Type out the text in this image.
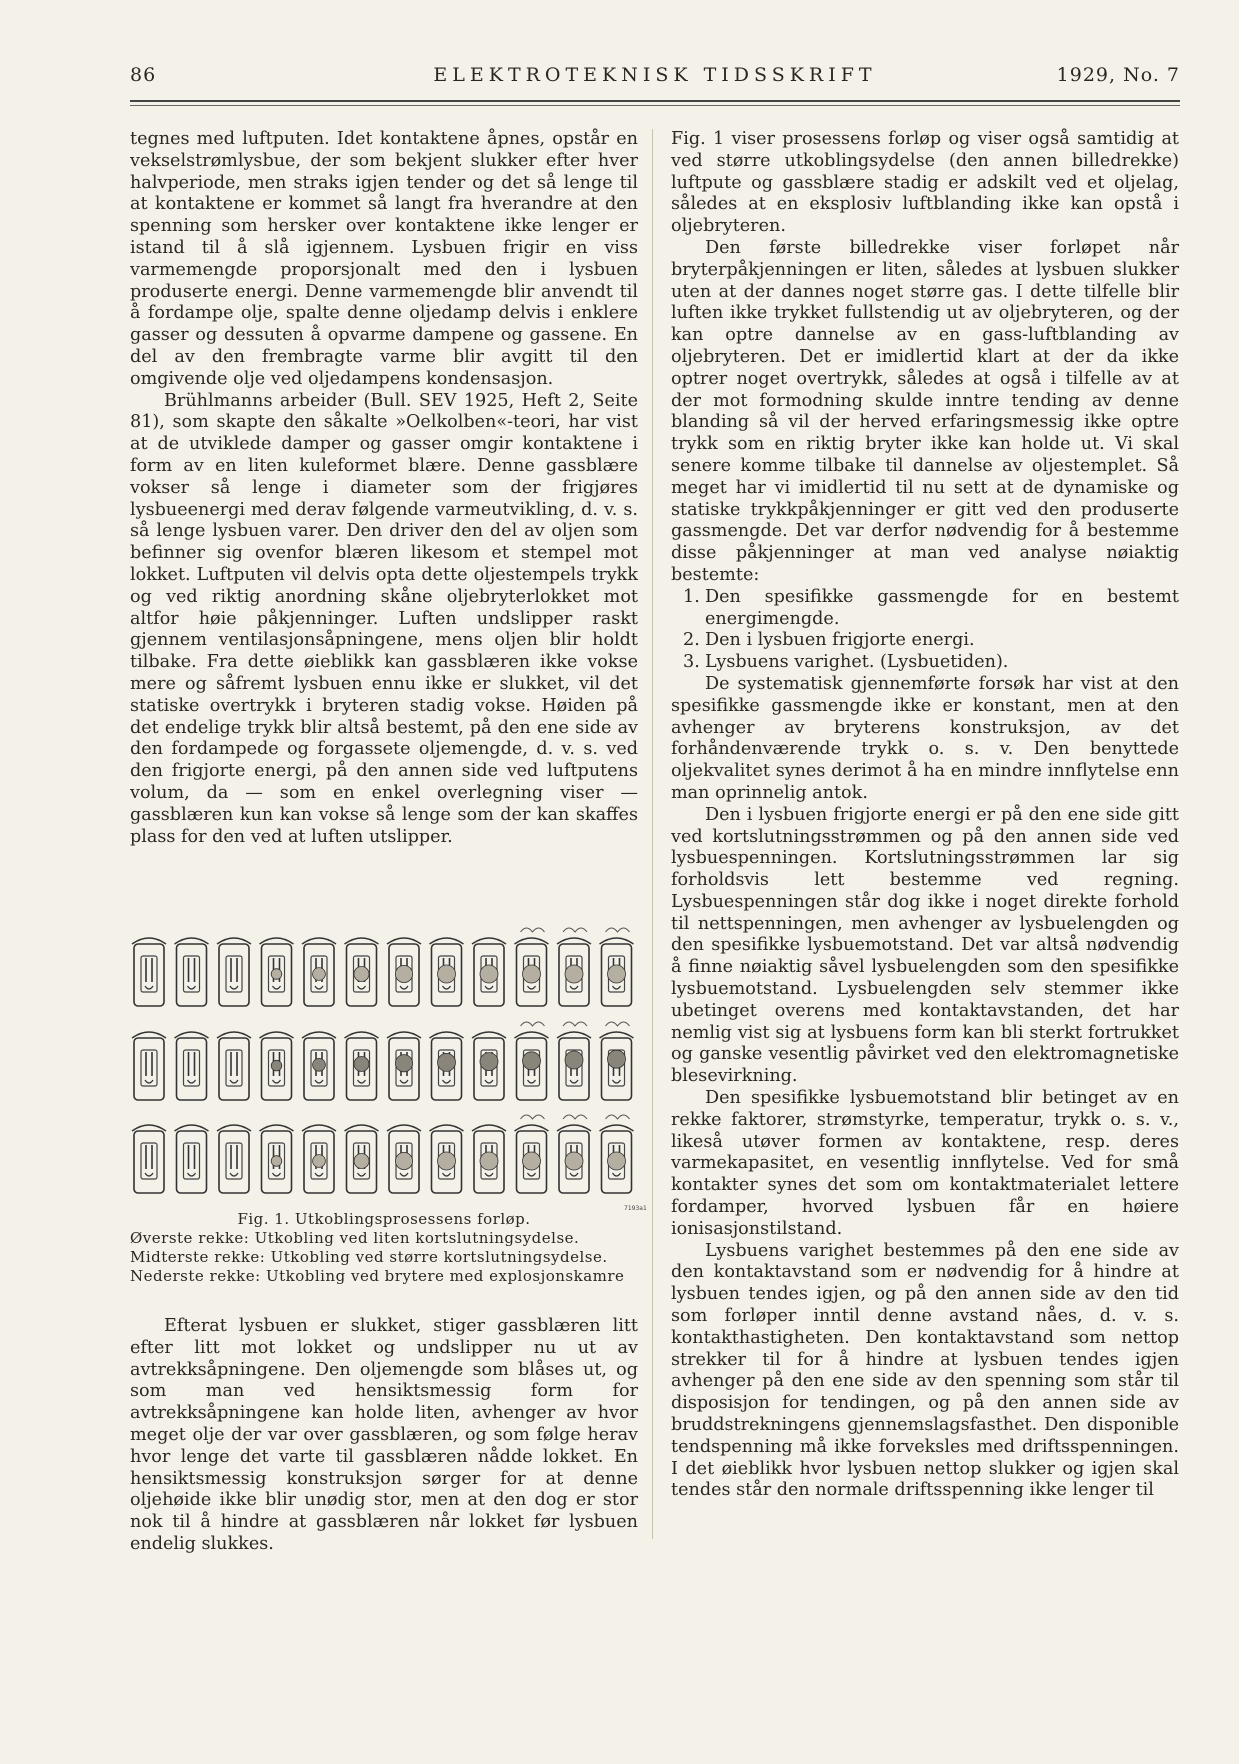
86	ELEKTROTEKNISK TIDSSKRIFT	1929, No. 7

tegnes med luftputen. Idet kontaktene åpnes, opstår en vekselstrømlysbue, der som bekjent slukker efter hver halvperiode, men straks igjen tender og det så lenge til at kontaktene er kommet så langt fra hverandre at den spenning som hersker over kontaktene ikke lenger er istand til å slå igjennem. Lysbuen frigir en viss varmemengde proporsjonalt med den i lysbuen produserte energi. Denne varmemengde blir anvendt til å fordampe olje, spalte denne oljedamp delvis i enklere gasser og dessuten å opvarme dampene og gassene. En del av den frembragte varme blir avgitt til den omgivende olje ved oljedampens kondensasjon.

Brühlmanns arbeider (Bull. SEV 1925, Heft 2, Seite 81), som skapte den såkalte »Oelkolben«-teori, har vist at de utviklede damper og gasser omgir kontaktene i form av en liten kuleformet blære. Denne gassblære vokser så lenge i diameter som der frigjøres lysbueenergi med derav følgende varmeutvikling, d. v. s. så lenge lysbuen varer. Den driver den del av oljen som befinner sig ovenfor blæren likesom et stempel mot lokket. Luftputen vil delvis opta dette oljestempels trykk og ved riktig anordning skåne oljebryterlokket mot altfor høie påkjenninger. Luften undslipper raskt gjennem ventilasjonsåpningene, mens oljen blir holdt tilbake. Fra dette øieblikk kan gassblæren ikke vokse mere og såfremt lysbuen ennu ikke er slukket, vil det statiske overtrykk i bryteren stadig vokse. Høiden på det endelige trykk blir altså bestemt, på den ene side av den fordampede og forgassete oljemengde, d. v. s. ved den frigjorte energi, på den annen side ved luftputens volum, da — som en enkel overlegning viser — gassblæren kun kan vokse så lenge som der kan skaffes plass for den ved at luften utslipper.

7193a1
Fig. 1. Utkoblingsprosessens forløp.
Øverste rekke: Utkobling ved liten kortslutningsydelse.
Midterste rekke: Utkobling ved større kortslutningsydelse.
Nederste rekke: Utkobling ved brytere med explosjonskamre

Efterat lysbuen er slukket, stiger gassblæren litt efter litt mot lokket og undslipper nu ut av avtrekksåpningene. Den oljemengde som blåses ut, og som man ved hensiktsmessig form for avtrekksåpningene kan holde liten, avhenger av hvor meget olje der var over gassblæren, og som følge herav hvor lenge det varte til gassblæren nådde lokket. En hensiktsmessig konstruksjon sørger for at denne oljehøide ikke blir unødig stor, men at den dog er stor nok til å hindre at gassblæren når lokket før lysbuen endelig slukkes.

Fig. 1 viser prosessens forløp og viser også samtidig at ved større utkoblingsydelse (den annen billedrekke) luftpute og gassblære stadig er adskilt ved et oljelag, således at en eksplosiv luftblanding ikke kan opstå i oljebryteren.

Den første billedrekke viser forløpet når bryterpåkjenningen er liten, således at lysbuen slukker uten at der dannes noget større gas. I dette tilfelle blir luften ikke trykket fullstendig ut av oljebryteren, og der kan optre dannelse av en gass-luftblanding av oljebryteren. Det er imidlertid klart at der da ikke optrer noget overtrykk, således at også i tilfelle av at der mot formodning skulde inntre tending av denne blanding så vil der herved erfaringsmessig ikke optre trykk som en riktig bryter ikke kan holde ut. Vi skal senere komme tilbake til dannelse av oljestemplet. Så meget har vi imidlertid til nu sett at de dynamiske og statiske trykkpåkjenninger er gitt ved den produserte gassmengde. Det var derfor nødvendig for å bestemme disse påkjenninger at man ved analyse nøiaktig bestemte:

1. Den spesifikke gassmengde for en bestemt energimengde.
2. Den i lysbuen frigjorte energi.
3. Lysbuens varighet. (Lysbuetiden).

De systematisk gjennemførte forsøk har vist at den spesifikke gassmengde ikke er konstant, men at den avhenger av bryterens konstruksjon, av det forhåndenværende trykk o. s. v. Den benyttede oljekvalitet synes derimot å ha en mindre innflytelse enn man oprinnelig antok.

Den i lysbuen frigjorte energi er på den ene side gitt ved kortslutningsstrømmen og på den annen side ved lysbuespenningen. Kortslutningsstrømmen lar sig forholdsvis lett bestemme ved regning. Lysbuespenningen står dog ikke i noget direkte forhold til nettspenningen, men avhenger av lysbuelengden og den spesifikke lysbuemotstand. Det var altså nødvendig å finne nøiaktig såvel lysbuelengden som den spesifikke lysbuemotstand. Lysbuelengden selv stemmer ikke ubetinget overens med kontaktavstanden, det har nemlig vist sig at lysbuens form kan bli sterkt fortrukket og ganske vesentlig påvirket ved den elektromagnetiske blesevirkning.

Den spesifikke lysbuemotstand blir betinget av en rekke faktorer, strømstyrke, temperatur, trykk o. s. v., likeså utøver formen av kontaktene, resp. deres varmekapasitet, en vesentlig innflytelse. Ved for små kontakter synes det som om kontaktmaterialet lettere fordamper, hvorved lysbuen får en høiere ionisasjonstilstand.

Lysbuens varighet bestemmes på den ene side av den kontaktavstand som er nødvendig for å hindre at lysbuen tendes igjen, og på den annen side av den tid som forløper inntil denne avstand nåes, d. v. s. kontakthastigheten. Den kontaktavstand som nettop strekker til for å hindre at lysbuen tendes igjen avhenger på den ene side av den spenning som står til disposisjon for tendingen, og på den annen side av bruddstrekningens gjennemslagsfasthet. Den disponible tendspenning må ikke forveksles med driftsspenningen. I det øieblikk hvor lysbuen nettop slukker og igjen skal tendes står den normale driftsspenning ikke lenger til
